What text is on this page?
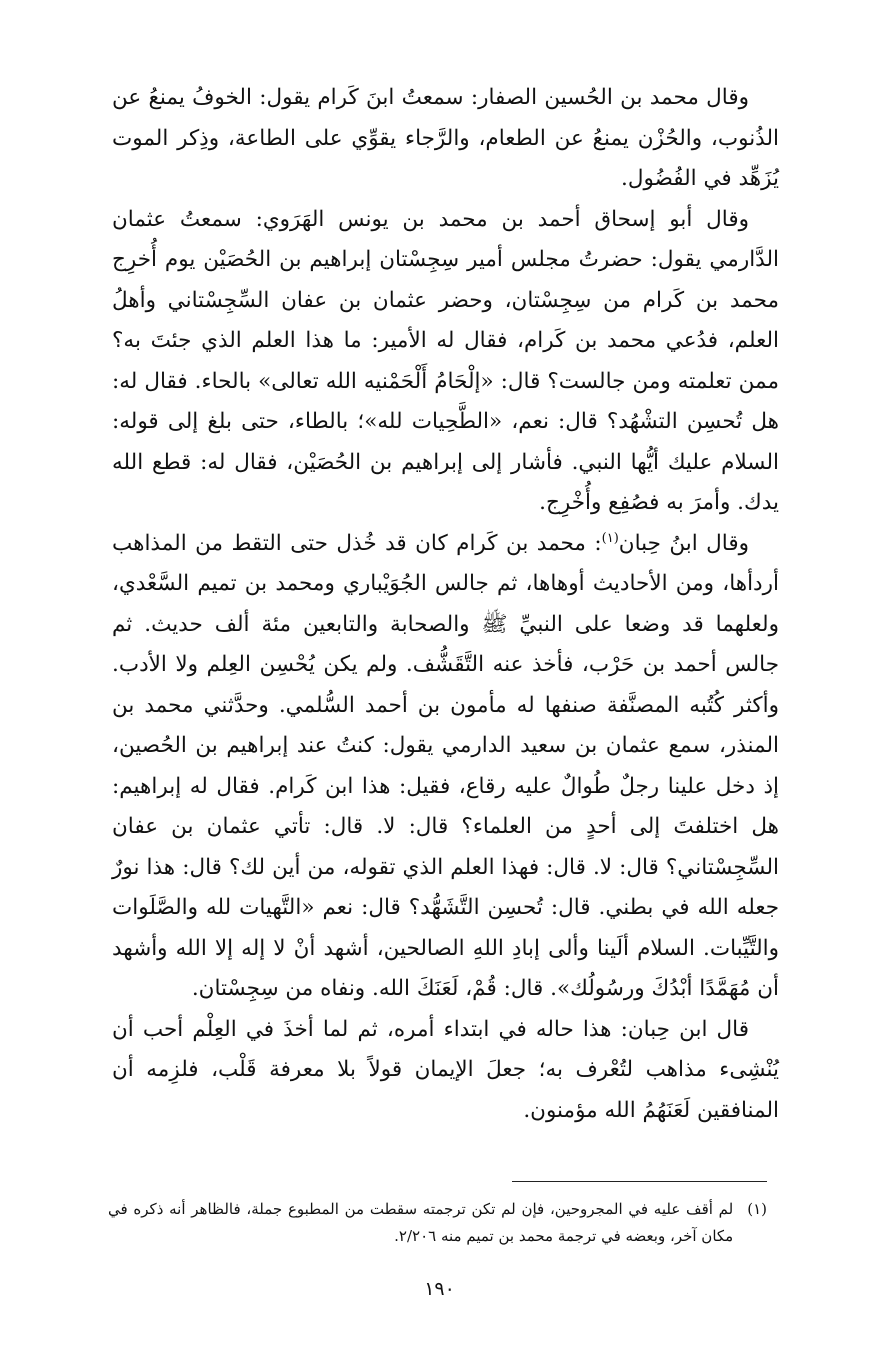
وقال محمد بن الحُسين الصفار: سمعتُ ابنَ كَرام يقول: الخوفُ يمنعُ عن الذُنوب، والحُزْن يمنعُ عن الطعام، والرَّجاء يقوِّي على الطاعة، وذِكر الموت يُزَهِّد في الفُضُول.

وقال أبو إسحاق أحمد بن محمد بن يونس الهَرَوي: سمعتُ عثمان الدَّارمي يقول: حضرتُ مجلس أمير سِجِسْتان إبراهيم بن الحُصَيْن يوم أُخرِج محمد بن كَرام من سِجِسْتان، وحضر عثمان بن عفان السِّجِسْتاني وأهلُ العلم، فدُعي محمد بن كَرام، فقال له الأمير: ما هذا العلم الذي جئتَ به؟ ممن تعلمته ومن جالست؟ قال: «إلْحَامُ أَلْحَمْنيه الله تعالى» بالحاء. فقال له: هل تُحسِن التشْهُد؟ قال: نعم، «الطَّحِيات لله»؛ بالطاء، حتى بلغ إلى قوله: السلام عليك أيُّها النبي. فأشار إلى إبراهيم بن الحُصَيْن، فقال له: قطع الله يدك. وأمرَ به فصُفِع وأُخْرِج.

وقال ابنُ حِبان$^{(١)}$: محمد بن كَرام كان قد خُذل حتى التقط من المذاهب أردأها، ومن الأحاديث أوهاها، ثم جالس الجُوَيْباري ومحمد بن تميم السَّعْدي، ولعلهما قد وضعا على النبيِّ ﷺ والصحابة والتابعين مئة ألف حديث. ثم جالس أحمد بن حَرْب، فأخذ عنه التَّقَشُّف. ولم يكن يُحْسِن العِلم ولا الأدب. وأكثر كُتُبه المصنَّفة صنفها له مأمون بن أحمد السُّلمي. وحدَّثني محمد بن المنذر، سمع عثمان بن سعيد الدارمي يقول: كنتُ عند إبراهيم بن الحُصين، إذ دخل علينا رجلٌ طُوالٌ عليه رقاع، فقيل: هذا ابن كَرام. فقال له إبراهيم: هل اختلفتَ إلى أحدٍ من العلماء؟ قال: لا. قال: تأتي عثمان بن عفان السِّجِسْتاني؟ قال: لا. قال: فهذا العلم الذي تقوله، من أين لك؟ قال: هذا نورٌ جعله الله في بطني. قال: تُحسِن التَّشَهُّد؟ قال: نعم «التَّهيات لله والصَّلَوات والتَّيِّبات. السلام ألَينا وألى إبادِ اللهِ الصالحين، أشهد أنْ لا إله إلا الله وأشهد أن مُهَمَّدًا أبْدُكَ ورسُولُك». قال: قُمْ، لَعَنَكَ الله. ونفاه من سِجِسْتان.

قال ابن حِبان: هذا حاله في ابتداء أمره، ثم لما أخذَ في العِلْم أحب أن يُنْشِىء مذاهب لتُعْرف به؛ جعلَ الإيمان قولاً بلا معرفة قَلْب، فلزِمه أن المنافقين لَعَنَهُمُ الله مؤمنون.

(١)
لم أقف عليه في المجروحين، فإن لم تكن ترجمته سقطت من المطبوع جملة، فالظاهر أنه ذكره في مكان آخر، وبعضه في ترجمة محمد بن تميم منه ٢/٢٠٦.
١٩٠
